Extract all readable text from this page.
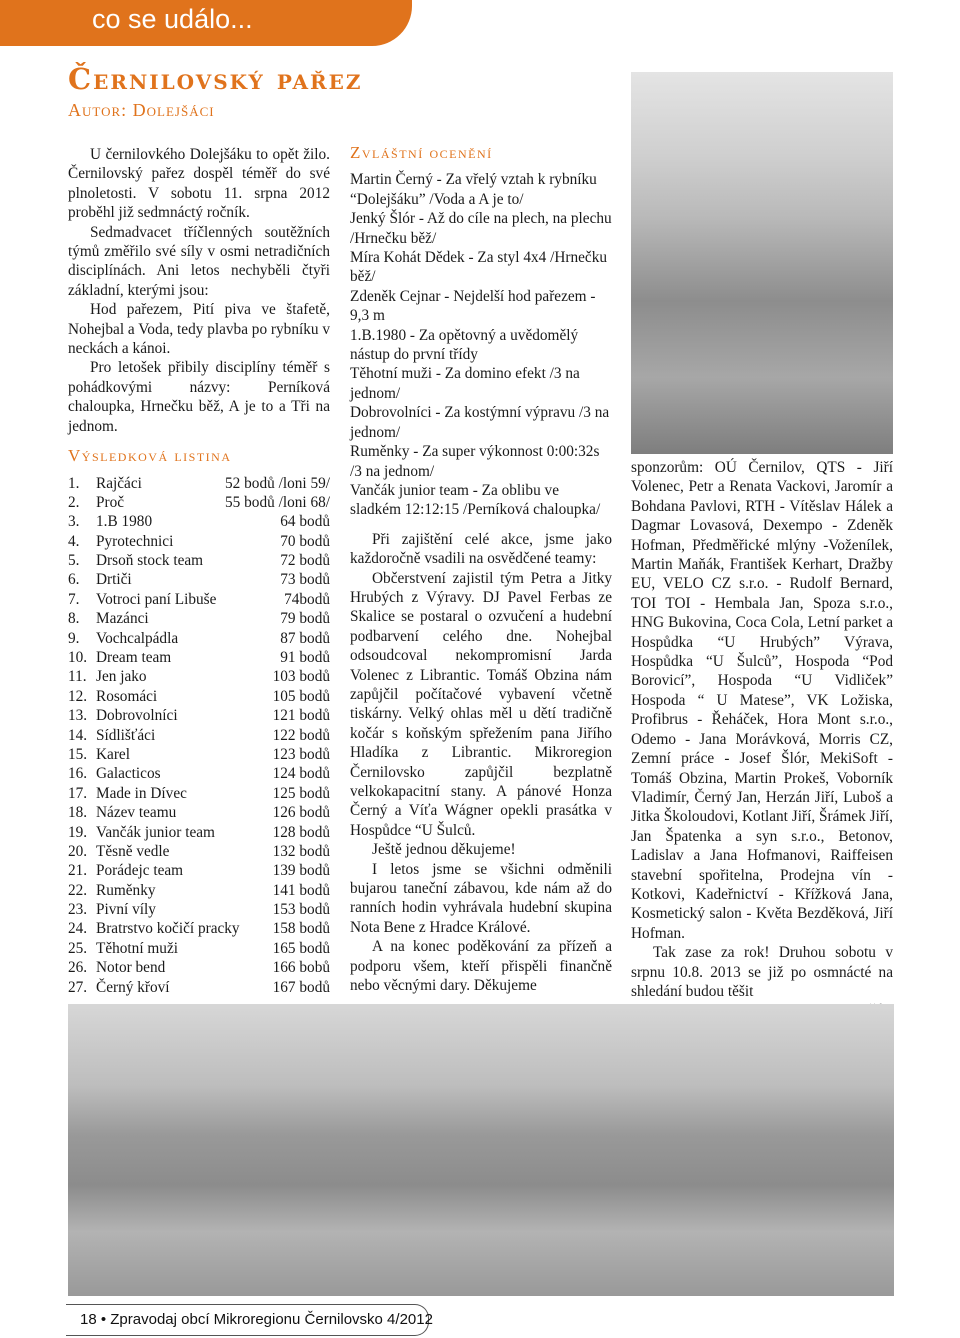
co se událo...
Černilovský pařez
Autor: Dolejšáci

U černilovkého Dolejšáku to opět žilo. Černilovský pařez dospěl téměř do své plnoletosti. V sobotu 11. srpna 2012 proběhl již sedmnáctý ročník.

Sedmadvacet tříčlenných soutěžních týmů změřilo své síly v osmi netradičních disciplínách. Ani letos nechyběli čtyři základní, kterými jsou:

Hod pařezem, Pití piva ve štafetě, Nohejbal a Voda, tedy plavba po rybníku v neckách a kánoi.

Pro letošek přibily disciplíny téměř s pohádkovými názvy: Perníková chaloupka, Hrnečku běž, A je to a Tři na jednom.

Výsledková listina

1.	Rajčáci	52 bodů /loni 59/
2.	Proč	55 bodů /loni 68/
3.	1.B 1980	64 bodů
4.	Pyrotechnici	70 bodů
5.	Drsoň stock team	72 bodů
6.	Drtiči	73 bodů
7.	Votroci paní Libuše	74bodů
8.	Mazánci	79 bodů
9.	Vochcalpádla	87 bodů
10. Dream team	91 bodů
11. Jen jako	103 bodů
12. Rosomáci	105 bodů
13. Dobrovolníci	121 bodů
14. Sídlišťáci	122 bodů
15. Karel	123 bodů
16. Galacticos	124 bodů
17. Made in Dívec	125 bodů
18. Název teamu	126 bodů
19. Vančák junior team	128 bodů
20. Těsně vedle	132 bodů
21. Porádejc team	139 bodů
22. Ruměnky	141 bodů
23. Pivní víly	153 bodů
24. Bratrstvo kočičí pracky	158 bodů
25. Těhotní muži	165 bodů
26. Notor bend	166 bobů
27. Černý křoví	167 bodů

Zvláštní ocenění

Martin Černý - Za vřelý vztah k rybníku “Dolejšáku” /Voda a A je to/

Jenký Šlór - Až do cíle na plech, na plechu /Hrnečku běž/

Míra Kohát Dědek - Za styl 4x4 /Hrnečku běž/

Zdeněk Cejnar - Nejdelší hod pařezem - 9,3 m

1.B.1980 - Za opětovný a uvědomělý nástup do první třídy

Těhotní muži - Za domino efekt /3 na jednom/

Dobrovolníci - Za kostýmní výpravu /3 na jednom/

Ruměnky - Za super výkonnost 0:00:32s /3 na jednom/

Vančák junior team - Za oblibu ve sladkém 12:12:15 /Perníková chaloupka/

Při zajištění celé akce, jsme jako každoročně vsadili na osvědčené teamy:

Občerstvení zajistil tým Petra a Jitky Hrubých z Výravy. DJ Pavel Ferbas ze Skalice se postaral o ozvučení a hudební podbarvení celého dne. Nohejbal odsoudcoval nekompromisní Jarda Volenec z Librantic. Tomáš Obzina nám zapůjčil počítačové vybavení včetně tiskárny. Velký ohlas měl u dětí tradičně kočár s koňským spřežením pana Jiřího Hladíka z Librantic. Mikroregion Černilovsko zapůjčil bezplatně velkokapacitní stany. A pánové Honza Černý a Víťa Wágner opekli prasátka v Hospůdce “U Šulců.

Ještě jednou děkujeme!

I letos jsme se všichni odměnili bujarou taneční zábavou, kde nám až do ranních hodin vyhrávala hudební skupina Nota Bene z Hradce Králové.

A na konec poděkování za přízeň a podporu všem, kteří přispěli finančně nebo věcnými dary. Děkujeme

sponzorům: OÚ Černilov, QTS - Jiří Volenec, Petr a Renata Vackovi, Jaromír a Bohdana Pavlovi, RTH - Vítěslav Hálek a Dagmar Lovasová, Dexempo - Zdeněk Hofman, Předměřické mlýny -Voženílek, Martin Maňák, František Kerhart, Dražby EU, VELO CZ s.r.o. - Rudolf Bernard, TOI TOI - Hembala Jan, Spoza s.r.o., HNG Bukovina, Coca Cola, Letní parket a Hospůdka “U Hrubých” Výrava, Hospůdka “U Šulců”, Hospoda “Pod Borovicí”, Hospoda “U Vidliček” Hospoda “ U Matese”, VK Ložiska, Profibrus - Řeháček, Hora Mont s.r.o., Odemo - Jana Morávková, Morris CZ, Zemní práce - Josef Šlór, MekiSoft - Tomáš Obzina, Martin Prokeš, Voborník Vladimír, Černý Jan, Herzán Jiří, Luboš a Jitka Školoudovi, Kotlant Jiří, Šrámek Jiří, Jan Špatenka a syn s.r.o., Betonov, Ladislav a Jana Hofmanovi, Raiffeisen stavební spořitelna, Prodejna vín - Kotkovi, Kadeřnictví - Křížková Jana, Kosmetický salon - Květa Bezděková, Jiří Hofman.

Tak zase za rok! Druhou sobotu v srpnu 10.8. 2013 se již po osmnácté na shledání budou těšit

18 • Zpravodaj obcí Mikroregionu Černilovsko 4/2012
